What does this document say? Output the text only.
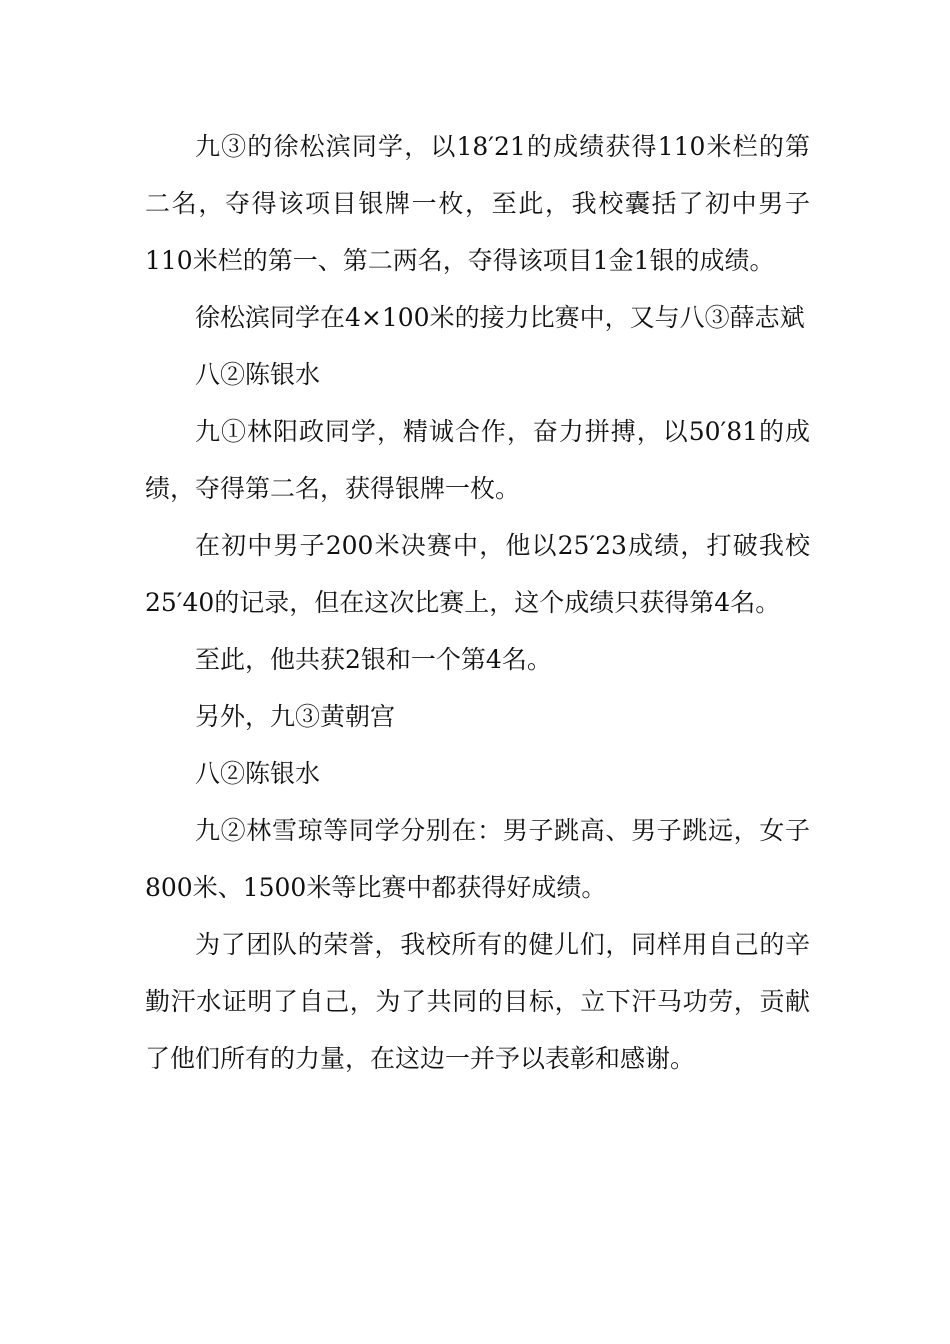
九③的徐松滨同学，以18′21的成绩获得110米栏的第二名，夺得该项目银牌一枚，至此，我校囊括了初中男子110米栏的第一、第二两名，夺得该项目1金1银的成绩。

徐松滨同学在4×100米的接力比赛中，又与八③薛志斌

八②陈银水

九①林阳政同学，精诚合作，奋力拼搏，以50′81的成绩，夺得第二名，获得银牌一枚。

在初中男子200米决赛中，他以25′23成绩，打破我校25′40的记录，但在这次比赛上，这个成绩只获得第4名。

至此，他共获2银和一个第4名。

另外，九③黄朝宫

八②陈银水

九②林雪琼等同学分别在：男子跳高、男子跳远，女子800米、1500米等比赛中都获得好成绩。

为了团队的荣誉，我校所有的健儿们，同样用自己的辛勤汗水证明了自己，为了共同的目标，立下汗马功劳，贡献了他们所有的力量，在这边一并予以表彰和感谢。
